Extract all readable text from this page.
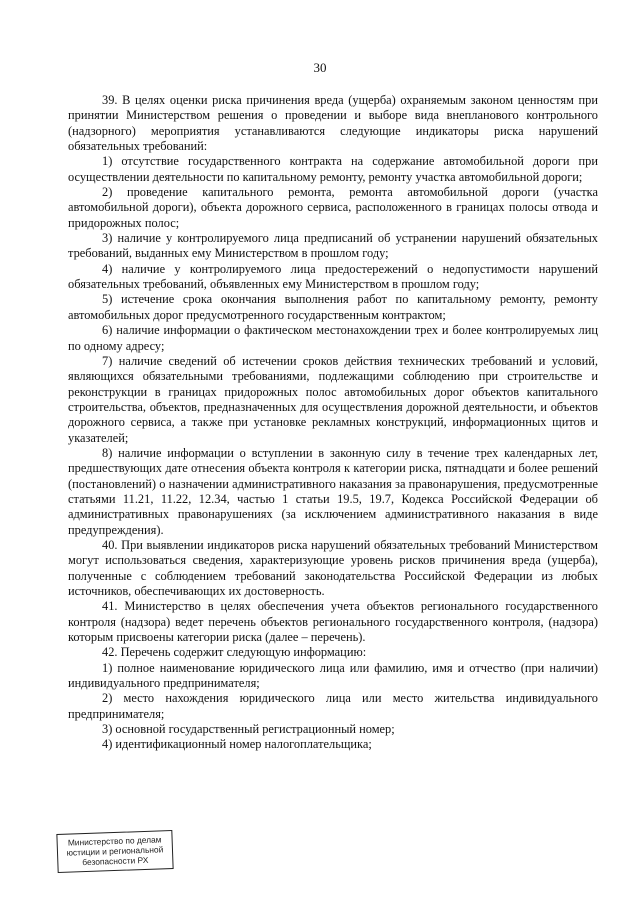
30

39. В целях оценки риска причинения вреда (ущерба) охраняемым законом ценностям при принятии Министерством решения о проведении и выборе вида внепланового контрольного (надзорного) мероприятия устанавливаются следующие индикаторы риска нарушений обязательных требований:

1) отсутствие государственного контракта на содержание автомобильной дороги при осуществлении деятельности по капитальному ремонту, ремонту участка автомобильной дороги;

2) проведение капитального ремонта, ремонта автомобильной дороги (участка автомобильной дороги), объекта дорожного сервиса, расположенного в границах полосы отвода и придорожных полос;

3) наличие у контролируемого лица предписаний об устранении нарушений обязательных требований, выданных ему Министерством в прошлом году;

4) наличие у контролируемого лица предостережений о недопустимости нарушений обязательных требований, объявленных ему Министерством в прошлом году;

5) истечение срока окончания выполнения работ по капитальному ремонту, ремонту автомобильных дорог предусмотренного государственным контрактом;

6) наличие информации о фактическом местонахождении трех и более контролируемых лиц по одному адресу;

7) наличие сведений об истечении сроков действия технических требований и условий, являющихся обязательными требованиями, подлежащими соблюдению при строительстве и реконструкции в границах придорожных полос автомобильных дорог объектов капитального строительства, объектов, предназначенных для осуществления дорожной деятельности, и объектов дорожного сервиса, а также при установке рекламных конструкций, информационных щитов и указателей;

8) наличие информации о вступлении в законную силу в течение трех календарных лет, предшествующих дате отнесения объекта контроля к категории риска, пятнадцати и более решений (постановлений) о назначении административного наказания за правонарушения, предусмотренные статьями 11.21, 11.22, 12.34, частью 1 статьи 19.5, 19.7, Кодекса Российской Федерации об административных правонарушениях (за исключением административного наказания в виде предупреждения).

40. При выявлении индикаторов риска нарушений обязательных требований Министерством могут использоваться сведения, характеризующие уровень рисков причинения вреда (ущерба), полученные с соблюдением требований законодательства Российской Федерации из любых источников, обеспечивающих их достоверность.

41. Министерство в целях обеспечения учета объектов регионального государственного контроля (надзора) ведет перечень объектов регионального государственного контроля, (надзора) которым присвоены категории риска (далее – перечень).

42. Перечень содержит следующую информацию:

1) полное наименование юридического лица или фамилию, имя и отчество (при наличии) индивидуального предпринимателя;

2) место нахождения юридического лица или место жительства индивидуального предпринимателя;

3) основной государственный регистрационный номер;

4) идентификационный номер налогоплательщика;

Министерство по делам
юстиции и региональной
безопасности РХ
